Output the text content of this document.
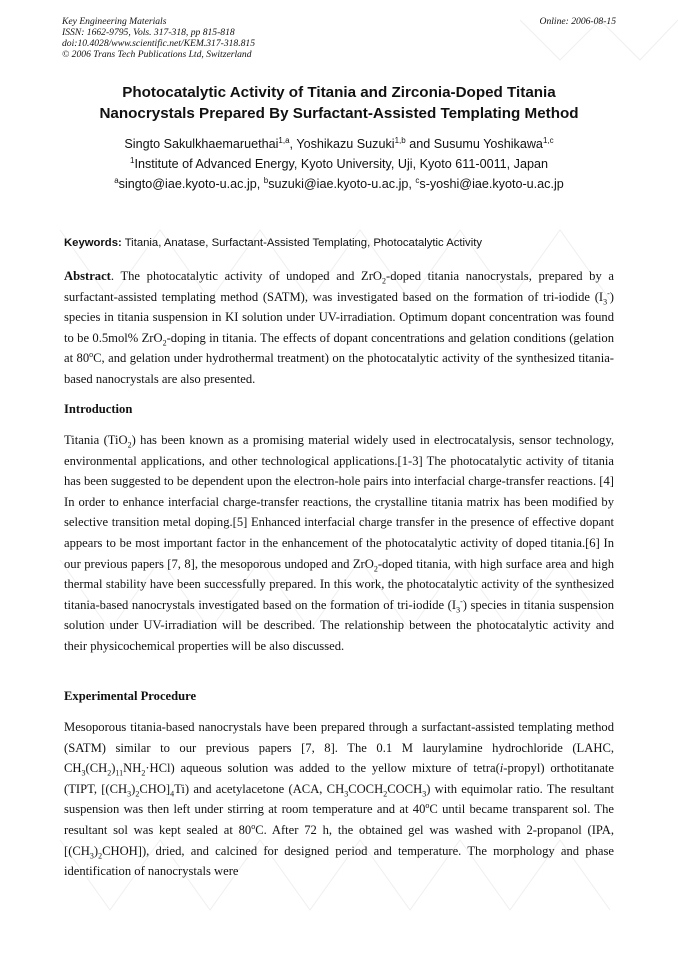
Key Engineering Materials
ISSN: 1662-9795, Vols. 317-318, pp 815-818
doi:10.4028/www.scientific.net/KEM.317-318.815
© 2006 Trans Tech Publications Ltd, Switzerland
Online: 2006-08-15
Photocatalytic Activity of Titania and Zirconia-Doped Titania
Nanocrystals Prepared By Surfactant-Assisted Templating Method
Singto Sakulkhaemaruethai$^{1,a}$, Yoshikazu Suzuki$^{1,b}$ and Susumu Yoshikawa$^{1,c}$
$^1$Institute of Advanced Energy, Kyoto University, Uji, Kyoto 611-0011, Japan
$^a$singto@iae.kyoto-u.ac.jp, $^b$suzuki@iae.kyoto-u.ac.jp, $^c$s-yoshi@iae.kyoto-u.ac.jp
Keywords: Titania, Anatase, Surfactant-Assisted Templating, Photocatalytic Activity
Abstract. The photocatalytic activity of undoped and ZrO$_2$-doped titania nanocrystals, prepared by a surfactant-assisted templating method (SATM), was investigated based on the formation of tri-iodide $(I_3^-)$ species in titania suspension in KI solution under UV-irradiation. Optimum dopant concentration was found to be 0.5mol% ZrO$_2$-doping in titania. The effects of dopant concentrations and gelation conditions (gelation at 80$^o$C, and gelation under hydrothermal treatment) on the photocatalytic activity of the synthesized titania-based nanocrystals are also presented.
Introduction
Titania (TiO$_2$) has been known as a promising material widely used in electrocatalysis, sensor technology, environmental applications, and other technological applications.[1-3] The photocatalytic activity of titania has been suggested to be dependent upon the electron-hole pairs into interfacial charge-transfer reactions. [4] In order to enhance interfacial charge-transfer reactions, the crystalline titania matrix has been modified by selective transition metal doping.[5] Enhanced interfacial charge transfer in the presence of effective dopant appears to be most important factor in the enhancement of the photocatalytic activity of doped titania.[6] In our previous papers [7, 8], the mesoporous undoped and ZrO$_2$-doped titania, with high surface area and high thermal stability have been successfully prepared. In this work, the photocatalytic activity of the synthesized titania-based nanocrystals investigated based on the formation of tri-iodide $(I_3^-)$ species in titania suspension solution under UV-irradiation will be described. The relationship between the photocatalytic activity and their physicochemical properties will be also discussed.
Experimental Procedure
Mesoporous titania-based nanocrystals have been prepared through a surfactant-assisted templating method (SATM) similar to our previous papers [7, 8]. The 0.1 M laurylamine hydrochloride (LAHC, $CH_3(CH_2)_{11}NH_2\cdot HCl$) aqueous solution was added to the yellow mixture of tetra(i-propyl) orthotitanate (TIPT, $[(CH_3)_2CHO]_4Ti$) and acetylacetone (ACA, $CH_3COCH_2COCH_3$) with equimolar ratio. The resultant suspension was then left under stirring at room temperature and at 40$^o$C until became transparent sol. The resultant sol was kept sealed at 80$^o$C. After 72 h, the obtained gel was washed with 2-propanol (IPA, $[(CH_3)_2CHOH]$), dried, and calcined for designed period and temperature. The morphology and phase identification of nanocrystals were
